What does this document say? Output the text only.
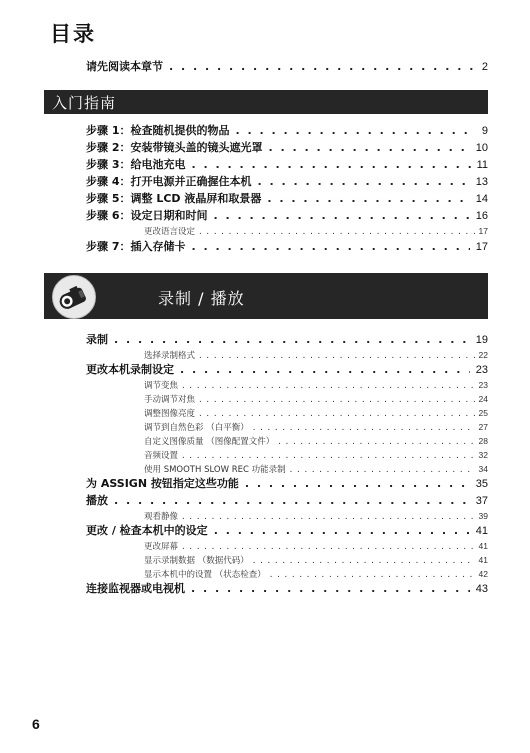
目录
请先阅读本章节 . . .	2
入门指南
步骤 1：检查随机提供的物品 . . .	9
步骤 2：安装带镜头盖的镜头遮光罩 . . .	10
步骤 3：给电池充电 . . .	11
步骤 4：打开电源并正确握住本机 . . .	13
步骤 5：调整 LCD 液晶屏和取景器 . . .	14
步骤 6：设定日期和时间 . . .	16
更改语言设定 . . .	17
步骤 7：插入存储卡 . . .	17
录制 / 播放
录制 . . .	19
选择录制格式 . . .	22
更改本机录制设定 . . .	23
调节变焦 . . .	23
手动调节对焦 . . .	24
调整图像亮度 . . .	25
调节到自然色彩 （白平衡） . . .	27
自定义图像质量 （图像配置文件） . . .	28
音频设置 . . .	32
使用 SMOOTH SLOW REC 功能录制 . . .	34
为 ASSIGN 按钮指定这些功能 . . .	35
播放 . . .	37
观看静像 . . .	39
更改 / 检查本机中的设定 . . .	41
更改屏幕 . . .	41
显示录制数据 （数据代码） . . .	41
显示本机中的设置 （状态检查） . . .	42
连接监视器或电视机 . . .	43
6
